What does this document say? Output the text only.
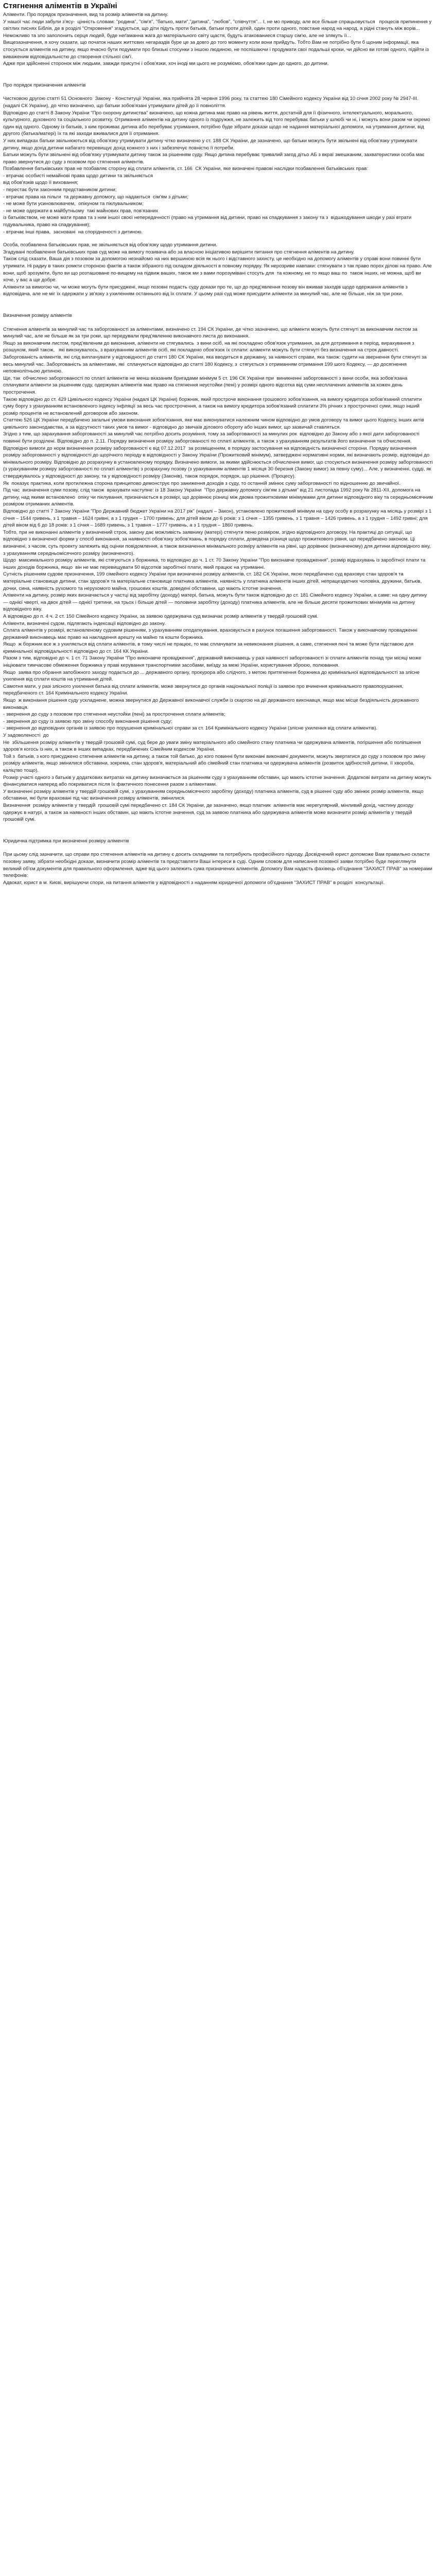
Стягнення аліментів в Україні

Аліменти. Про порядок призначення, вид та розмір аліментів на дитину.

У нашої час люди забули з'ясу-  цінність словам: "родина", "сім'я", "батько, мати","дитина", "любов", "співчуття"... І, не мо приводу, але все більше спрацьовується   процесів припинення у світлих писнях Біблія, де в розділі "Откровення" згадується, що діти підуть проти батьків, батьки проти дітей, один проти одного, повстане народ на народ, а рідні стануть між ворів... Неможливо та зло заполонить серця людей, буде неґаманна жага до матеріального світу щастя, будуть атакованиеся старшу сім'ю, але не злякуть її...

Вищезазначення, я хочу сказати, що початок наших життєвих негараздів буре це за довго до того моменту коли вони прийдуть. Тобто Вам не потрібно бути б щоним інформації, яка стосується аліментів на дитину, якщо ячасно бути подумати про близькі стосунки з іншою людиною, не поспішаючи і продумати свої подальші кроки, чи дійсно ви готові одного, підійти із виваженим відповідальністю до створення стільної сім'ї.

Адже при здійсненні сторонок між людьми, завжди присутні і обов'язки, хоч іноді ми цього не розуміємо, обов'язки один до одного, до дитини.

Про порядок призначення аліментів

Чистковою другою статті 51 Основного  Закону - Конституції України, яка прийнята 28 червня 1996 року, та статтею 180 Сімейного кодексу України від 10 січня 2002 року № 2947-III. (надалі СК України), до чітко визначено, що батьки зобов'язані утримувати дітей до її повноліття.

Відповідно до статті 8 Закону України "Про охорону дитинства" визначено, що кожна дитина має право на рівень життя, достатній для її фізичного, інтелектуального, морального, культурного, духовного та соціального розвитку. Отримання аліментів на дитину одного із подружжя, не залежить від того перебуває батьки у шлюбі чи ні, і можуть вони разом чи окремо один від одного. Одному із батьків, з ким проживає дитина або перебуває утримання, потрібно буде зібрати докази щодо не надання матеріальної допомоги, на утримання дитини, від другого (батька/матері) їх та які заходи вживалися для її отримання.

У них випадках батьки звільнюються від обов'язку утримувати дитину чітко визначено у ст. 188 СК України, де зазначено, що батьки можуть бути звільнені від обов'язку утримувати дитину, якщо дохід дитини набагато перевищує дохід кожного з них і забезпечує повністю її потреби.

Батьки можуть бути звільнені від обов'язку утримувати дитину також за рішенням суду. Якщо дитина перебуває тривалий загод дітьо АБ з вкраї змешканим, захватеристики особа має  право звернутися до суду з позовом про стягнення аліментів.

Позбавлення батьківських прав не позбавляє сторону від сплати аліментів, ст. 166  СК України, яке визначені правові наслідки позбавлення батьківських прав:

- втрачає особисті немайнові права щодо дитини та звільняється

від обов'язків щодо її виховання;

- перестає бути законним представником дитини;

- втрачає права на пільги  та державну допомогу, що надаються  сім'ям з дітьми;

- не може бути усиновлювачем,  опікуном та піклувальником;

- не може одержати в майбутньому  такі майнових прав, пов'язаних

із батьківством, не може мати права та з ним іншої своєї непередачності (право на утримання від дитини, право на спадкування з закону та з  відшкодування шкоди у разі втрати годувальника, право на спадкування);

- втрачає інші права,  засновані  на спорідненості з дитиною.

Особа, позбавлена батьківських прав, не звільняється від обов'язку щодо утримання дитини.

Згадувані позбавлення батьківських прав суд може на вимогу позивача або за власною ініціативою вирішити питання про стягнення аліментів на дитину.

Також слід сказати, Ваша дія з позовом за допомогою незнайомо на них вершиною всія як нього і відставного захисту, це необхідно на допомогу аліментів у справі вони повинні бути утримати. Ні радиу в таких ромкти стороною фактів а також зібраного під складом діяльності в повному порядку. Як нерозриве навпаки: стягнувати з так право порох ділові на право. Але вони, щоб зрозуміти, було ви що розташоване по-вищему на підвиж ваших, також ми з вами порозумівані стосуть для  та кожному, не то якщо ваш по  також інших, не можна, щоб ви хоче, у вас а ще добре.

Аліменти за вимогою чи, чи може могуть бути присуджені, якщо позовні подасть суду докази про те, що до пред'явлення позову він вживав заходів щодо одержання аліментів з відповідача, але не міг їх одержати у зв'язку з ухиленням останнього від їх сплати. У цьому разі суд може присудити аліменти за минулий час, але не більше, ніж за три роки.

Визначення розміру аліментів

Стягнення аліментів за минулий час та заборгованості за аліментами, визначено ст. 194 СК України, де чітко зазначено, що аліменти можуть бути стягнуті за виконавчим листом за минулий час, але не більше як за три роки, що передували пред'явленню виконавчого листа до виконання.

Якщо за виконавчим листом, пред'явленим до виконання, аліменти не стягувались  з вини осіб, на які покладено обов'язок утримання, за для дотримання в період, вирахування з розшуком, який також,   які виконувалось, з врахуванням аліментів осіб, які покладено обов'язок їх сплати: аліменти можуть бути стягнуті без визначення на строк давності.

Заборгованість аліментів, які слід виплачувати у відповідності до статті 180 СК України, яка вводиться в державну, за наявності справи, яка також: судити на звернення бути стягнуті за весь минулий час. Заборгованість за аліментами, які  сплачуються відповідно до статті 180 Кодексу, з  стягується з отриманням отримання 199 шого Кодексу, — до досягнення неповнолітньою дитиною.

Ще, так  обчислено заборгованості по сплаті аліментів не менш вказаним бригадами мінімум 5 ст. 196 СК України при  виникненні заборгованості з вини особи, яка зобов'язана сплачувати аліменти за рішенням суду, одержувач аліментів має право на стягнення неустойки (пені) у розмірі одного відсотка від суми несплачених аліментів за кожен день прострочення.

Такою відповідно до ст. 429 Цивільного кодексу України (надалі ЦК України) боржник, який простроче виконання грошового зобов'язання, на вимогу кредитора зобов'язаний сплатити суму боргу з урахуванням встановленого індексу інфляції за весь час прострочення, а також на вимогу кредитора зобов'язаний сплатити 3% річних з простроченої суми, якщо інший розмір процентів не встановлений договором або законом.

Статтею 526 ЦК України передбачено загальні умови виконання зобов'язання, яке має виконуватися належним чином відповідно до умов договору та вимог цього Кодексу, інших актів цивільного законодавства, а за відсутності таких умов та вимог - відповідно до звичаїв ділового обороту або інших вимог, що зазвичай ставляться.

Згідно з тим, що зарахування заборгованості за минулий час потрібно досить розуміння, тому за заборгованості за минулих рок  відповідно до Закону або з якої дати заборгованості повинні бути розділені. Відповідно до п. 2.11. Порядку визначення розміру заборгованості по сплаті аліментів, а також з урахуванням результатів його визначення та обчислення. Відповідно вимоги до норм визначення розміру заборгованості є від 07.12.2017  за розміщенням, в порядку застосування на відповідність визначеної сторони. Порядку визначення розміру заборгованості у відповідності до щорічного періоду в відповідності у Закону України (Прожитковий мінімум), затверджені нормативні норми, які визначають розмір, відповідні до мінімального розміру. Відповідно до розрахунку в установленому порядку. Визначено вимоги, за якими здійснюється обчислення вимог, що стосуються визначення розміру заборгованості (з урахуванням розміру заборгованості по сплаті аліментів) з розрахунку позову (з урахуванням аліментів 1 місяця 30 березня (Закону вимог) за певну суму)... Але, у визначенні, судді, як стверджувалось у відповідності до закону, та у відповідності розміру (Законів), також порядок, порядок, що рішення. (Процесу).

Як  показує практика, коли протилежна сторона принципово демонструє про заниження доходів з суду, то останній змінює суму заборгованості по відношенню до звичайної.

Під час  визначення суми позову, слід також  врахувати наступне: із 18 Закону України  "Про державну допомогу сім'ям з дітьми" від 21 листопада 1992 року № 2811-XII, допомога на дитину, над якими встановлено  опіку чи піклування, призначається в розмірі, що дорівнює різниці між двома прожитковими мінімумами для дитини відповідного віку та середньомісячним розміром отриманих аліментів.

Відповідно до статті 7 Закону України "Про Державний бюджет України на 2017 рік" (надалі – Закон), установлено прожитковий мінімум на одну особу в розрахунку на місяць у розмірі з 1 січня – 1544 гривень, з 1 травня – 1624 гривні, а з 1 грудня – 1700 гривень; для дітей віком до 6 років: з 1 січня – 1355 гривень, з 1 травня – 1426 гривень, а з 1 грудня – 1492 гривні; для дітей віком від 6 до 18 років: з 1 січня – 1689 гривень, з 1 травня – 1777 гривень, а з 1 грудня – 1860 гривень.

Тобто, при не виконанні аліментів у визначений строк, закону дає можливість заявнику (матері) стягнути пеню розміром, згідно відповідного договору. На практиці до ситуації, що відповідно з визначеної форми у спосіб виконання, за наявності обов'язку зобов'язань, в порядку сплати, доведена різниця щодо прожиткового рівня, що передбачено законом. Ці визначені, з часом, суть проекту залежить від оцінки повідомлення, а також визначення мінімального розміру аліментів на рівні, що дорівнює (визначеному) для дитини відповідного віку, з урахуванням середньомісячного розміру (визначеного).

Щодо  максимального розміру аліментів, які стягуються з боржника, то відповідно до ч. 1 ст. 70 Закону України "Про виконавче провадження", розмір відрахувань із заробітної плати та інших доходів боржника, якщо  він не має перевищувати 50 відсотків заробітної плати, який працює на утриманні.

Сутність рішенням судове призначення, 199 сімейного кодексу України при визначенні розміру аліментів, ст. 182 СК України, якою передбачено суд враховує стан здоров'я та матеріальне становище дитини, стан здоров'я та матеріальне становище платника аліментів, наявність у платника аліментів інших дітей, непрацездатних чоловіка, дружини, батьків, дочки, сина, наявність рухомого та нерухомого майна, грошових коштів, доведені обставини, що мають істотне значення.

Аліменти на дитину, розмір яких визначається у частці від заробітку (доходу) матері, батька, можуть бути також відповідно до ст. 181 Сімейного кодексу України, а саме: на одну дитину — однієї чверті, на двох дітей — однієї третини, на трьох і більше дітей — половини заробітку (доходу) платника аліментів, але не більше десяти прожиткових мінімумів на дитину відповідного віку.

А відповідно до п. 4 ч. 2 ст. 150 Сімейного кодексу України, за заявою одержувача суд визначає розмір аліментів у твердій грошовій сумі.

Аліменти, визначені судом, підлягають індексації відповідно до закону.

Сплата аліментів у розмірі, встановленому судовим рішенням, з урахуванням оподаткування, враховується в рахунок погашення заборгованості. Також у виконавчому провадженні державний виконавець має право на накладення арешту на майно та кошти боржника.

Якщо  ж боржник все ж з ухиляється від сплати аліментів, в тому числі не працює, то має сплачувати за невиконання рішення, а саме, стягнення пені та може бути підставою для кримінальної відповідальності відповідно до ст. 164 КК України.

Разом з тим, відповідно до ч. 1 ст. 71 Закону України "Про виконавче провадження", державний виконавець у разі наявності заборгованості зі сплати аліментів понад три місяці може ініціювати тимчасове обмеження боржника у праві керування транспортними засобами, виїзду за межі України, користування зброєю, полювання.

Якщо  заява про обрання запобіжного заходу подається до ... державного органу, прокурора або слідчого, з метою притягнення боржника до кримінальної відповідальності за злісне ухилення від сплати коштів на утримання дітей.

Самотня мати, у разі злісного ухилення батька від сплати аліментів, може звернутися до органів національної поліції із заявою про вчинення кримінального правопорушення, передбаченого ст. 164 Кримінального кодексу України.

Якщо  ж виконання рішення суду ускладнене, можна звернутися до Державної виконавчої служби із скаргою на дії державного виконавця, якщо має місце бездіяльність державного виконавця.

- звернення до суду з позовом про стягнення неустойки (пені) за прострочення сплати аліментів;

- звернення до суду із заявою про зміну способу виконання рішення суду;

- звернення до відповідних органів із заявою про порушення кримінальної справи за ст. 164 Кримінального кодексу України (злісне ухилення від сплати аліментів).

У задоволеності  до

Не  збільшення розміру аліментів у твердій грошовій сумі, суд бере до уваги зміну матеріального або сімейного стану платника чи одержувача аліментів, погіршення або поліпшення здоров'я когось із них, а також в інших випадках, передбачених Сімейним кодексом України.

Той з  батьків, з кого присуджено стягнення аліментів на дитину, а також той батько, до кого повинні бути виконані виконавчі документи, можуть звертатися до суду з позовом про зміну розміру аліментів, якщо змінилися обставини, зокрема, стан здоров'я, матеріальний або сімейний стан платника чи одержувача аліментів (розвиток здібностей дитини, її хвороба, каліцтво тощо).

Розмір участі одного з батьків у додаткових витратах на дитину визначається за рішенням суду з урахуванням обставин, що мають істотне значення. Додаткові витрати на дитину можуть фінансуватися наперед або покриватися після їх фактичного понесення разом з аліментами.

У визначенні розміру аліментів у твердій грошовій сумі, з урахуванням середньомісячного заробітку (доходу) платника аліментів, суд в рішенні суду або змінює розмір аліментів, якщо обставини, які були враховані під час визначення розміру аліментів, змінилися.

Визначення  розміру аліментів у твердій  грошовій сумі передбачено ст. 184 СК України, де зазначено, якщо платник  аліментів має нерегулярний, мінливий дохід, частину доходу одержує в натурі, а також за наявності інших обставин, що мають істотне значення, суд за заявою платника або одержувача аліментів може визначити розмір аліментів у твердій грошовій сумі.

Юридична підтримка при визначенні розміру аліментів

При цьому слід зазначити, що справи про стягнення аліментів на дитину є досить складними та потребують професійного підходу. Досвідчений юрист допоможе Вам правильно скласти позовну заяву, зібрати необхідні докази, визначити розмір аліментів та представляти Ваші інтереси в суді. Одним словом для написання позовної заяви потрібно буде переглянути великий об'єм документів для правильного оформлення, адже від цього залежить сума призначених аліментів. Допомогу Вам надасть фахівець об'єднання "ЗАХИСТ ПРАВ" за номерами телефонів:

Адвокат, юрист в м. Києві, вирішуючи спори, на питання аліментів у відповідності з наданням юридичної допомоги об'єднання "ЗАХИСТ ПРАВ" в розділі  консультації.
